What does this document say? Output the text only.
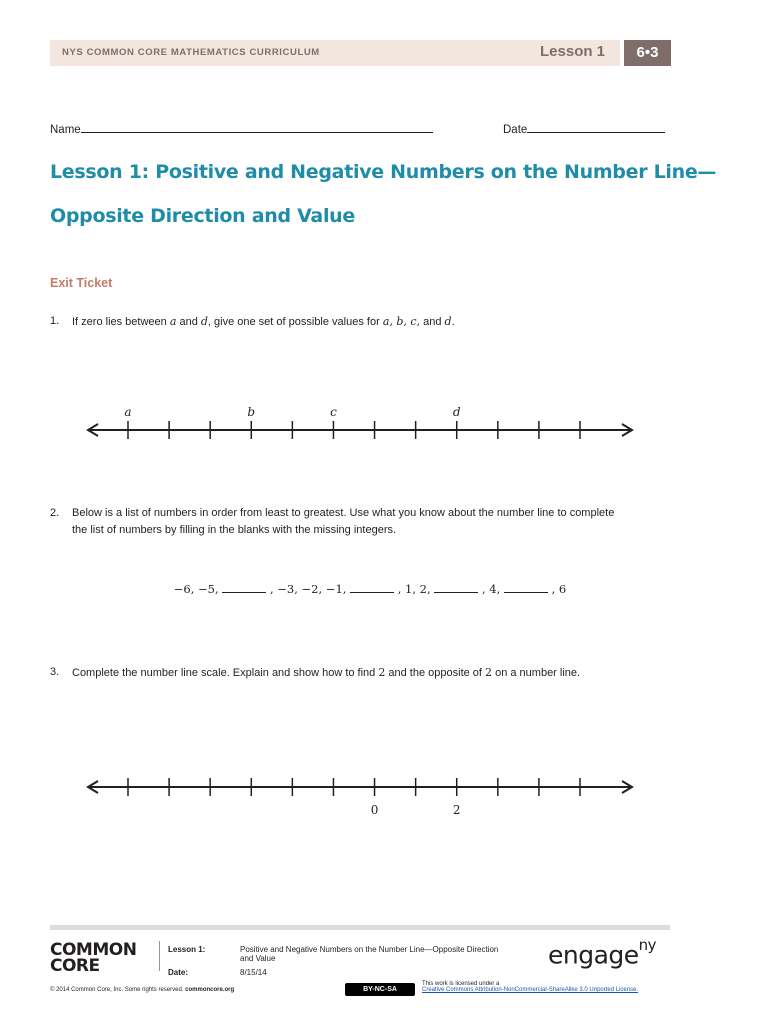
NYS COMMON CORE MATHEMATICS CURRICULUM	Lesson 1	6•3
Name	Date
Lesson 1: Positive and Negative Numbers on the Number Line—
Opposite Direction and Value
Exit Ticket
1. If zero lies between a and d, give one set of possible values for a, b, c, and d.
a	b	c	d
2. Below is a list of numbers in order from least to greatest. Use what you know about the number line to complete
the list of numbers by filling in the blanks with the missing integers.
−6, −5,	, −3, −2, −1,	, 1, 2,	, 4,	, 6
3. Complete the number line scale. Explain and show how to find 2 and the opposite of 2 on a number line.
0	2
COMMON
CORE
Lesson 1:	Positive and Negative Numbers on the Number Line—Opposite Direction
and Value
Date:	8/15/14
© 2014 Common Core, Inc. Some rights reserved. commoncore.org
engage$^{ny}$
BY-NC-SA
This work is licensed under a
Creative Commons Attribution-NonCommercial-ShareAlike 3.0 Unported License.
